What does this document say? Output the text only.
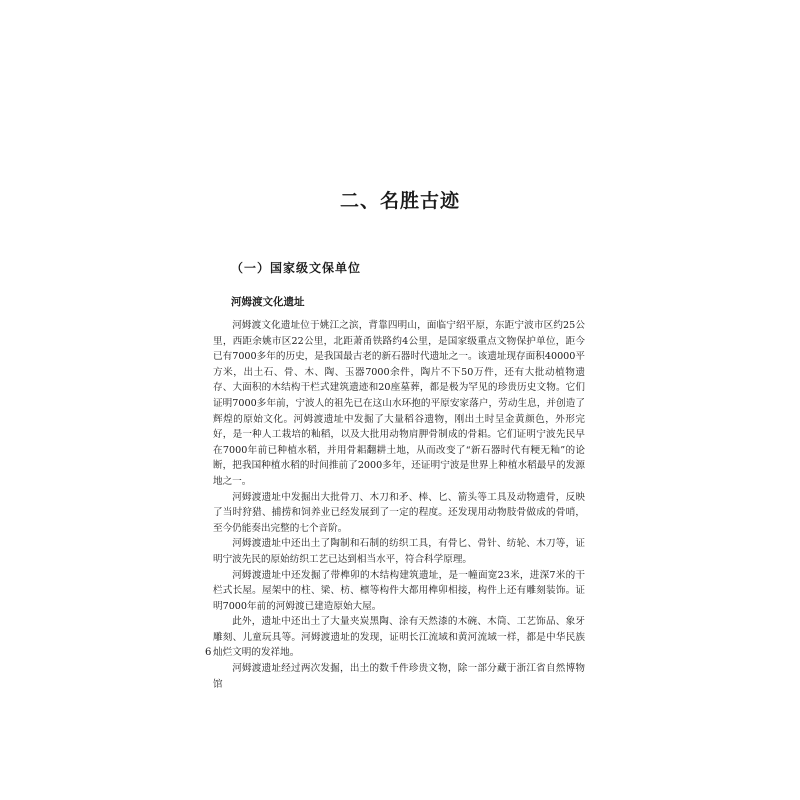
二、名胜古迹
（一）国家级文保单位
河姆渡文化遗址

河姆渡文化遗址位于姚江之滨，背靠四明山，面临宁绍平原，东距宁波市区约25公里，西距余姚市区22公里，北距萧甬铁路约4公里，是国家级重点文物保护单位，距今已有7000多年的历史，是我国最古老的新石器时代遗址之一。该遗址现存面积40000平方米，出土石、骨、木、陶、玉器7000余件，陶片不下50万件，还有大批动植物遗存、大面积的木结构干栏式建筑遗迹和20座墓葬，都是极为罕见的珍贵历史文物。它们证明7000多年前，宁波人的祖先已在这山水环抱的平原安家落户，劳动生息，并创造了辉煌的原始文化。河姆渡遗址中发掘了大量稻谷遗物，刚出土时呈金黄颜色，外形完好，是一种人工栽培的籼稻，以及大批用动物肩胛骨制成的骨耜。它们证明宁波先民早在7000年前已种植水稻，并用骨耜翻耕土地，从而改变了“新石器时代有粳无籼”的论断，把我国种植水稻的时间推前了2000多年，还证明宁波是世界上种植水稻最早的发源地之一。

河姆渡遗址中发掘出大批骨刀、木刀和矛、棒、匕、箭头等工具及动物遗骨，反映了当时狩猎、捕捞和饲养业已经发展到了一定的程度。还发现用动物肢骨做成的骨哨，至今仍能奏出完整的七个音阶。

河姆渡遗址中还出土了陶制和石制的纺织工具，有骨匕、骨针、纺轮、木刀等，证明宁波先民的原始纺织工艺已达到相当水平，符合科学原理。

河姆渡遗址中还发掘了带榫卯的木结构建筑遗址，是一幢面宽23米，进深7米的干栏式长屋。屋架中的柱、梁、枋、檩等构件大都用榫卯相接，构件上还有雕刻装饰。证明7000年前的河姆渡已建造原始大屋。

此外，遗址中还出土了大量夹炭黑陶、涂有天然漆的木碗、木筒、工艺饰品、象牙雕刻、儿童玩具等。河姆渡遗址的发现，证明长江流域和黄河流域一样，都是中华民族灿烂文明的发祥地。

河姆渡遗址经过两次发掘，出土的数千件珍贵文物，除一部分藏于浙江省自然博物馆

6
